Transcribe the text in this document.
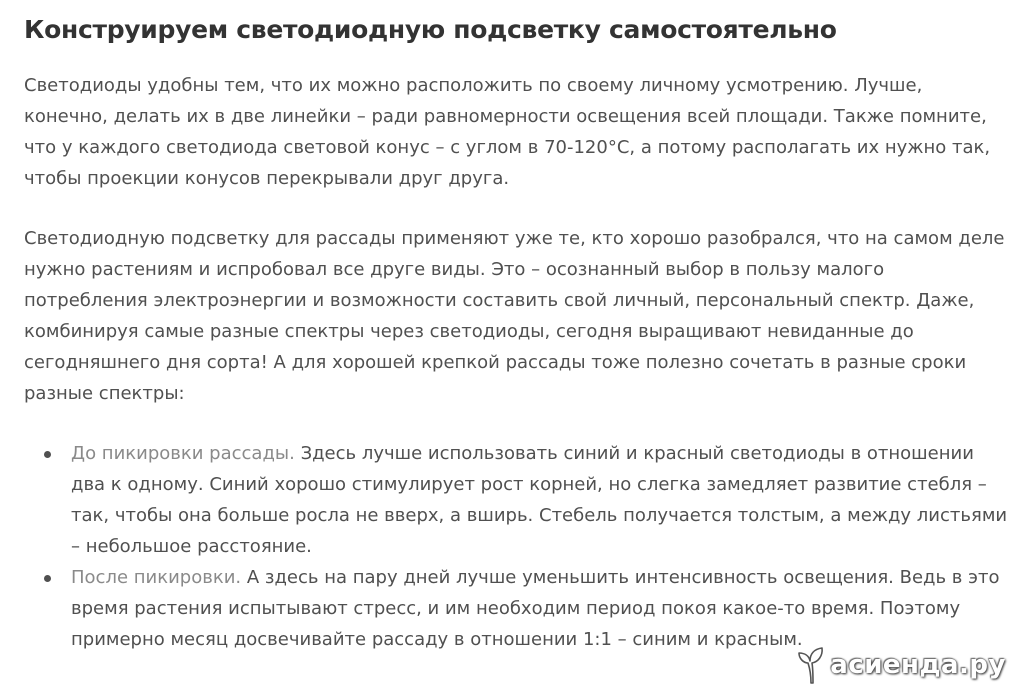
Конструируем светодиодную подсветку самостоятельно

Светодиоды удобны тем, что их можно расположить по своему личному усмотрению. Лучше, конечно, делать их в две линейки – ради равномерности освещения всей площади. Также помните, что у каждого светодиода световой конус – с углом в 70-120°С, а потому располагать их нужно так, чтобы проекции конусов перекрывали друг друга.

Светодиодную подсветку для рассады применяют уже те, кто хорошо разобрался, что на самом деле нужно растениям и испробовал все друге виды. Это – осознанный выбор в пользу малого потребления электроэнергии и возможности составить свой личный, персональный спектр. Даже, комбинируя самые разные спектры через светодиоды, сегодня выращивают невиданные до сегодняшнего дня сорта! А для хорошей крепкой рассады тоже полезно сочетать в разные сроки разные спектры:

До пикировки рассады. Здесь лучше использовать синий и красный светодиоды в отношении два к одному. Синий хорошо стимулирует рост корней, но слегка замедляет развитие стебля – так, чтобы она больше росла не вверх, а вширь. Стебель получается толстым, а между листьями – небольшое расстояние.
После пикировки. А здесь на пару дней лучше уменьшить интенсивность освещения. Ведь в это время растения испытывают стресс, и им необходим период покоя какое-то время. Поэтому примерно месяц досвечивайте рассаду в отношении 1:1 – синим и красным.
асиенда.ру
